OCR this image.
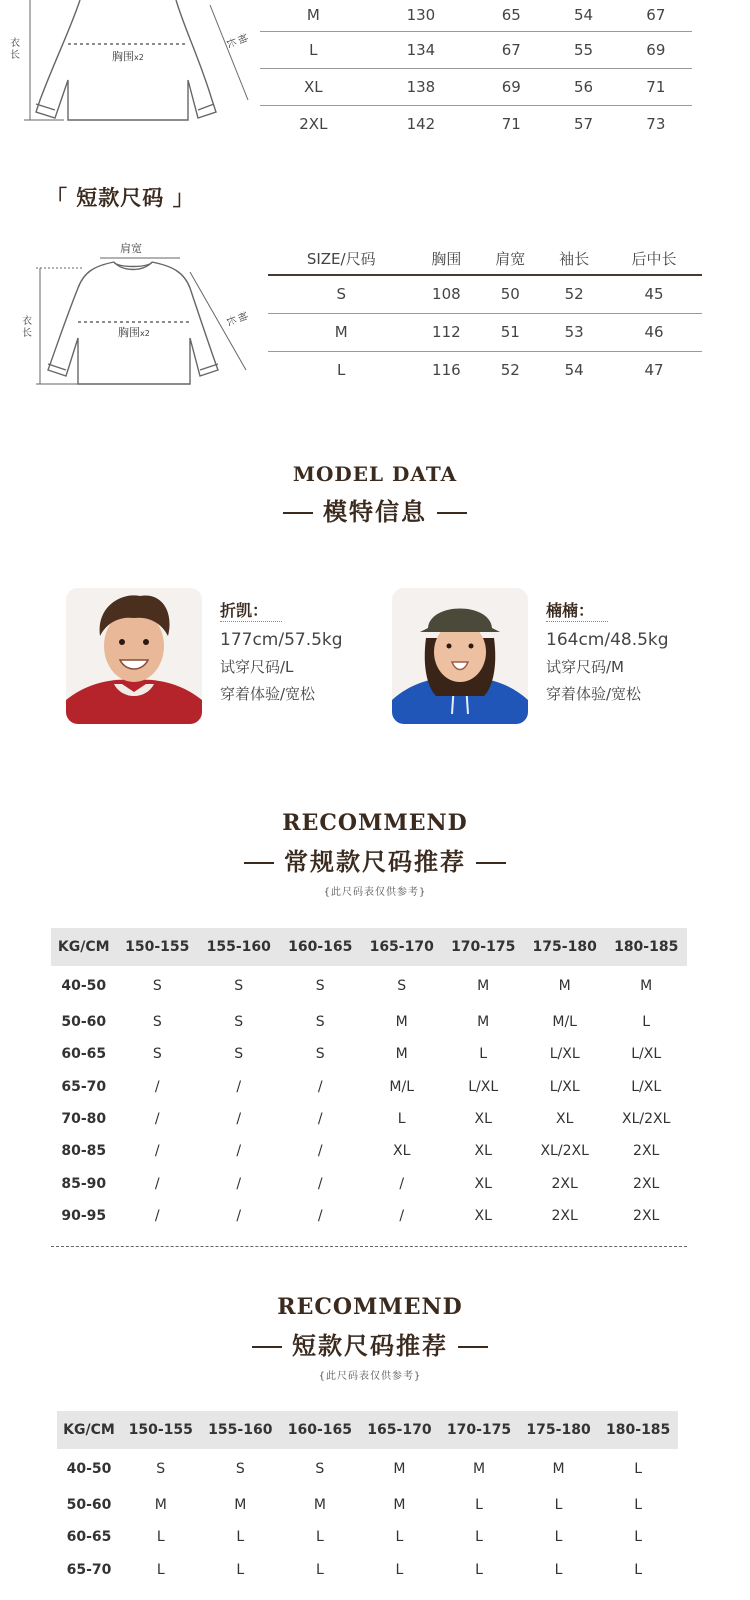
衣长	胸围x2
袖长
M	130	65	54	67
L	134	67	55	69
XL	138	69	56	71
2XL	142	71	57	73
「 短款尺码 」
肩宽
衣长	胸围x2
袖长
SIZE/尺码	胸围	肩宽	袖长	后中长
S	108	50	52	45
M	112	51	53	46
L	116	52	54	47
MODEL DATA
模特信息
折凯：
177cm/57.5kg
试穿尺码/L
穿着体验/宽松
楠楠：
164cm/48.5kg
试穿尺码/M
穿着体验/宽松
RECOMMEND
常规款尺码推荐
{此尺码表仅供参考}
KG/CM	150-155	155-160	160-165	165-170	170-175	175-180	180-185
40-50	S	S	S	S	M	M	M
50-60	S	S	S	M	M	M/L	L
60-65	S	S	S	M	L	L/XL	L/XL
65-70	/	/	/	M/L	L/XL	L/XL	L/XL
70-80	/	/	/	L	XL	XL	XL/2XL
80-85	/	/	/	XL	XL	XL/2XL	2XL
85-90	/	/	/	/	XL	2XL	2XL
90-95	/	/	/	/	XL	2XL	2XL
RECOMMEND
短款尺码推荐
{此尺码表仅供参考}
KG/CM	150-155	155-160	160-165	165-170	170-175	175-180	180-185
40-50	S	S	S	M	M	M	L
50-60	M	M	M	M	L	L	L
60-65	L	L	L	L	L	L	L
65-70	L	L	L	L	L	L	L
